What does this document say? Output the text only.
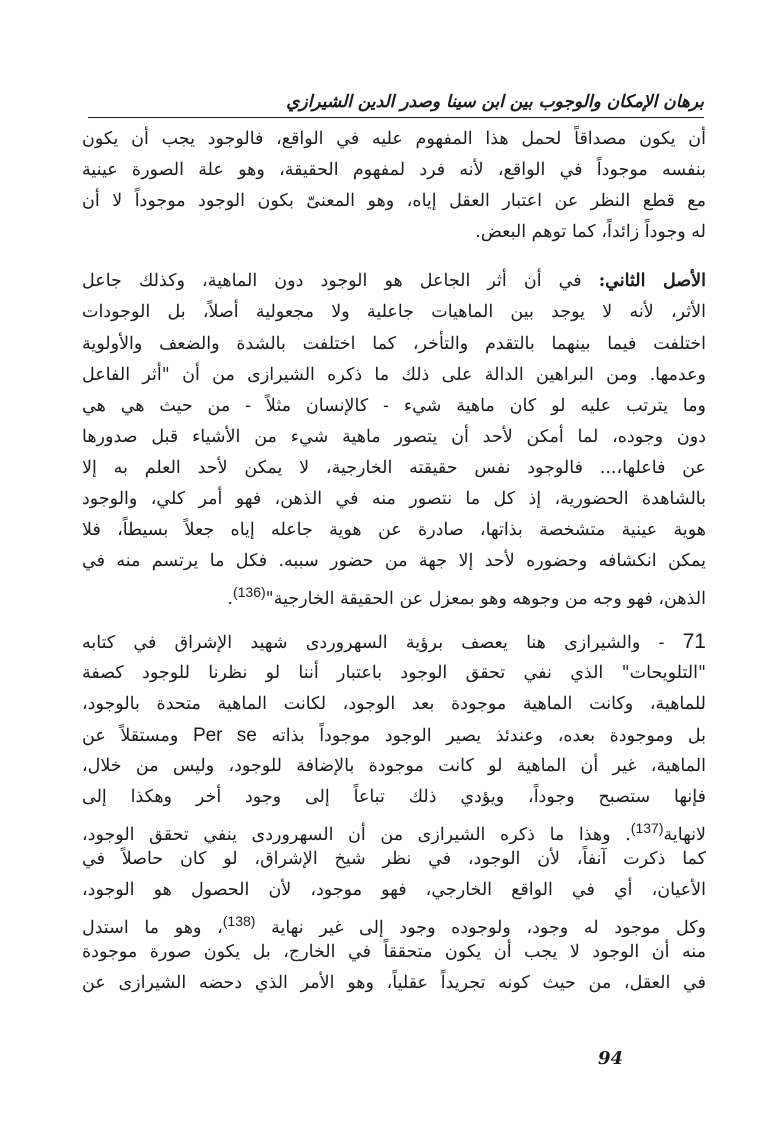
برهان الإمكان والوجوب بين ابن سينا وصدر الدين الشيرازي
أن يكون مصداقاً لحمل هذا المفهوم عليه في الواقع، فالوجود يجب أن يكون
بنفسه موجوداً في الواقع، لأنه فرد لمفهوم الحقيقة، وهو علة الصورة عينية
مع قطع النظر عن اعتبار العقل إياه، وهو المعنىّ بكون الوجود موجوداً لا أن
له وجوداً زائداً، كما توهم البعض.
الأصل الثاني: في أن أثر الجاعل هو الوجود دون الماهية، وكذلك جاعل
الأثر، لأنه لا يوجد بين الماهيات جاعلية ولا مجعولية أصلاً، بل الوجودات
اختلفت فيما بينهما بالتقدم والتأخر، كما اختلفت بالشدة والضعف والأولوية
وعدمها. ومن البراهين الدالة على ذلك ما ذكره الشيرازى من أن "أثر الفاعل
وما يترتب عليه لو كان ماهية شيء - كالإنسان مثلاً - من حيث هي هي
دون وجوده، لما أمكن لأحد أن يتصور ماهية شيء من الأشياء قبل صدورها
عن فاعلها،... فالوجود نفس حقيقته الخارجية، لا يمكن لأحد العلم به إلا
بالشاهدة الحضورية، إذ كل ما نتصور منه في الذهن، فهو أمر كلي، والوجود
هوية عينية متشخصة بذاتها، صادرة عن هوية جاعله إياه جعلاً بسيطاً، فلا
يمكن انكشافه وحضوره لأحد إلا جهة من حضور سببه. فكل ما يرتسم منه في
الذهن، فهو وجه من وجوهه وهو بمعزل عن الحقيقة الخارجية"$^{(136)}$.
71 - والشيرازى هنا يعصف برؤية السهروردى شهيد الإشراق في كتابه
"التلويحات" الذي نفي تحقق الوجود باعتبار أننا لو نظرنا للوجود كصفة
للماهية، وكانت الماهية موجودة بعد الوجود، لكانت الماهية متحدة بالوجود،
بل وموجودة بعده، وعندئذ يصير الوجود موجوداً بذاته Per se ومستقلاً عن
الماهية، غير أن الماهية لو كانت موجودة بالإضافة للوجود، وليس من خلال،
فإنها ستصبح وجوداً، ويؤدي ذلك تباعاً إلى وجود أخر وهكذا إلى
لانهاية$^{(137)}$. وهذا ما ذكره الشيرازى من أن السهروردى ينفي تحقق الوجود،
كما ذكرت آنفاً، لأن الوجود، في نظر شيخ الإشراق، لو كان حاصلاً في
الأعيان، أي في الواقع الخارجي، فهو موجود، لأن الحصول هو الوجود،
وكل موجود له وجود، ولوجوده وجود إلى غير نهاية $^{(138)}$، وهو ما استدل
منه أن الوجود لا يجب أن يكون متحققاً في الخارج، بل يكون صورة موجودة
في العقل، من حيث كونه تجريداً عقلياً، وهو الأمر الذي دحضه الشيرازى عن
94
